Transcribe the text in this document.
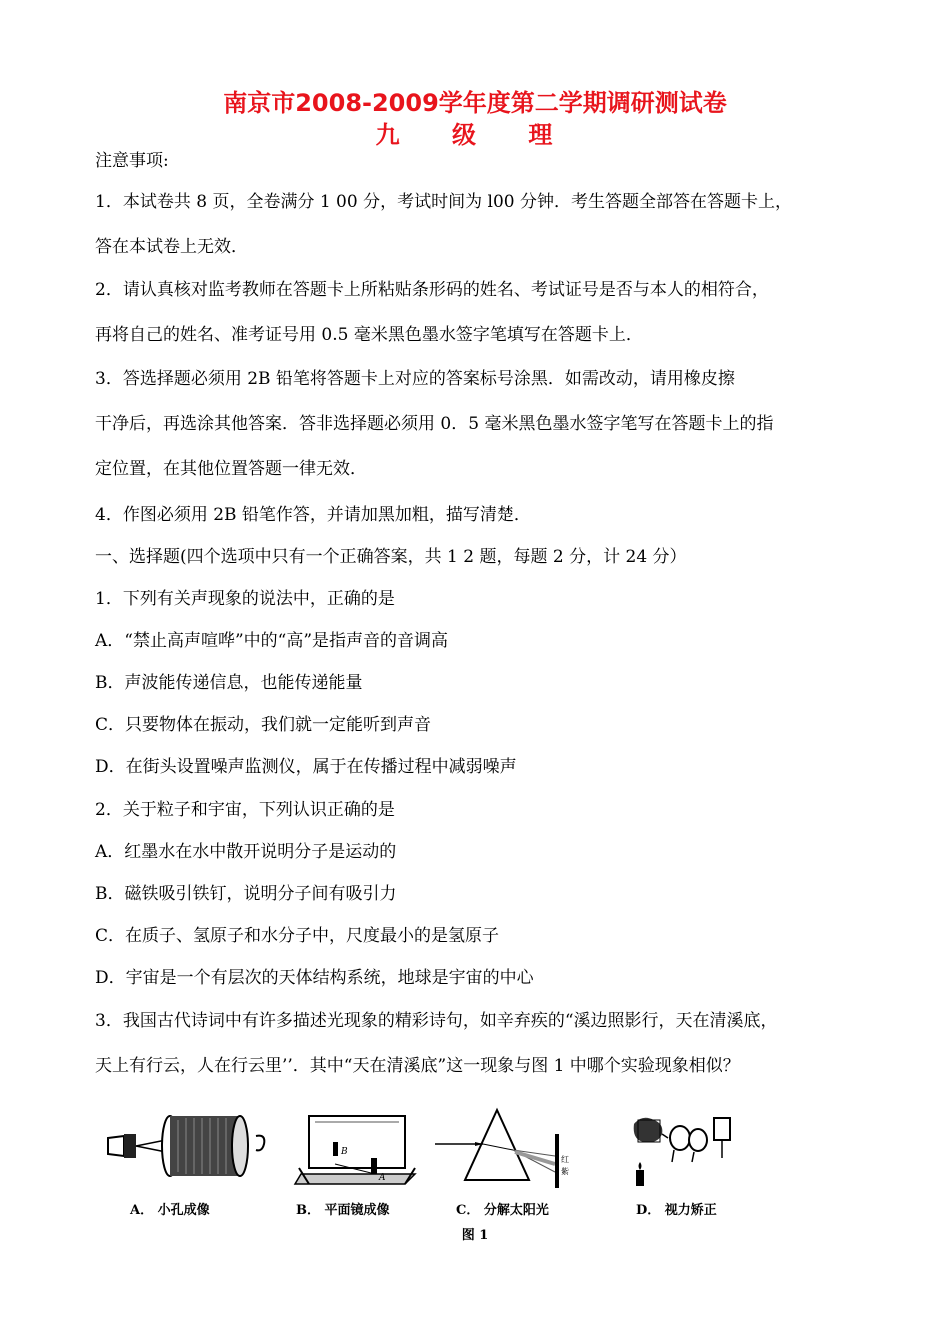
南京市2008-2009学年度第二学期调研测试卷
九 级 理
注意事项:
1．本试卷共 8 页，全卷满分 1 00 分，考试时间为 l00 分钟．考生答题全部答在答题卡上，
答在本试卷上无效．
2．请认真核对监考教师在答题卡上所粘贴条形码的姓名、考试证号是否与本人的相符合，
再将自己的姓名、准考证号用 0.5 毫米黑色墨水签字笔填写在答题卡上．
3．答选择题必须用 2B 铅笔将答题卡上对应的答案标号涂黑．如需改动，请用橡皮擦
干净后，再选涂其他答案．答非选择题必须用 0．5 毫米黑色墨水签字笔写在答题卡上的指
定位置，在其他位置答题一律无效．
4．作图必须用 2B 铅笔作答，并请加黑加粗，描写清楚．
一、选择题(四个选项中只有一个正确答案，共 1 2 题，每题 2 分，计 24 分）
1．下列有关声现象的说法中，正确的是
A．“禁止高声喧哗”中的“高”是指声音的音调高
B．声波能传递信息，也能传递能量
C．只要物体在振动，我们就一定能听到声音
D．在街头设置噪声监测仪，属于在传播过程中减弱噪声
2．关于粒子和宇宙，下列认识正确的是
A．红墨水在水中散开说明分子是运动的
B．磁铁吸引铁钉，说明分子间有吸引力
C．在质子、氢原子和水分子中，尺度最小的是氢原子
D．宇宙是一个有层次的天体结构系统，地球是宇宙的中心
3．我国古代诗词中有许多描述光现象的精彩诗句，如辛弃疾的“溪边照影行，天在清溪底，
天上有行云，人在行云里’’．其中“天在清溪底”这一现象与图 1 中哪个实验现象相似？
B
A
红
紫
A． 小孔成像	B． 平面镜成像	C． 分解太阳光	D． 视力矫正
图 1
